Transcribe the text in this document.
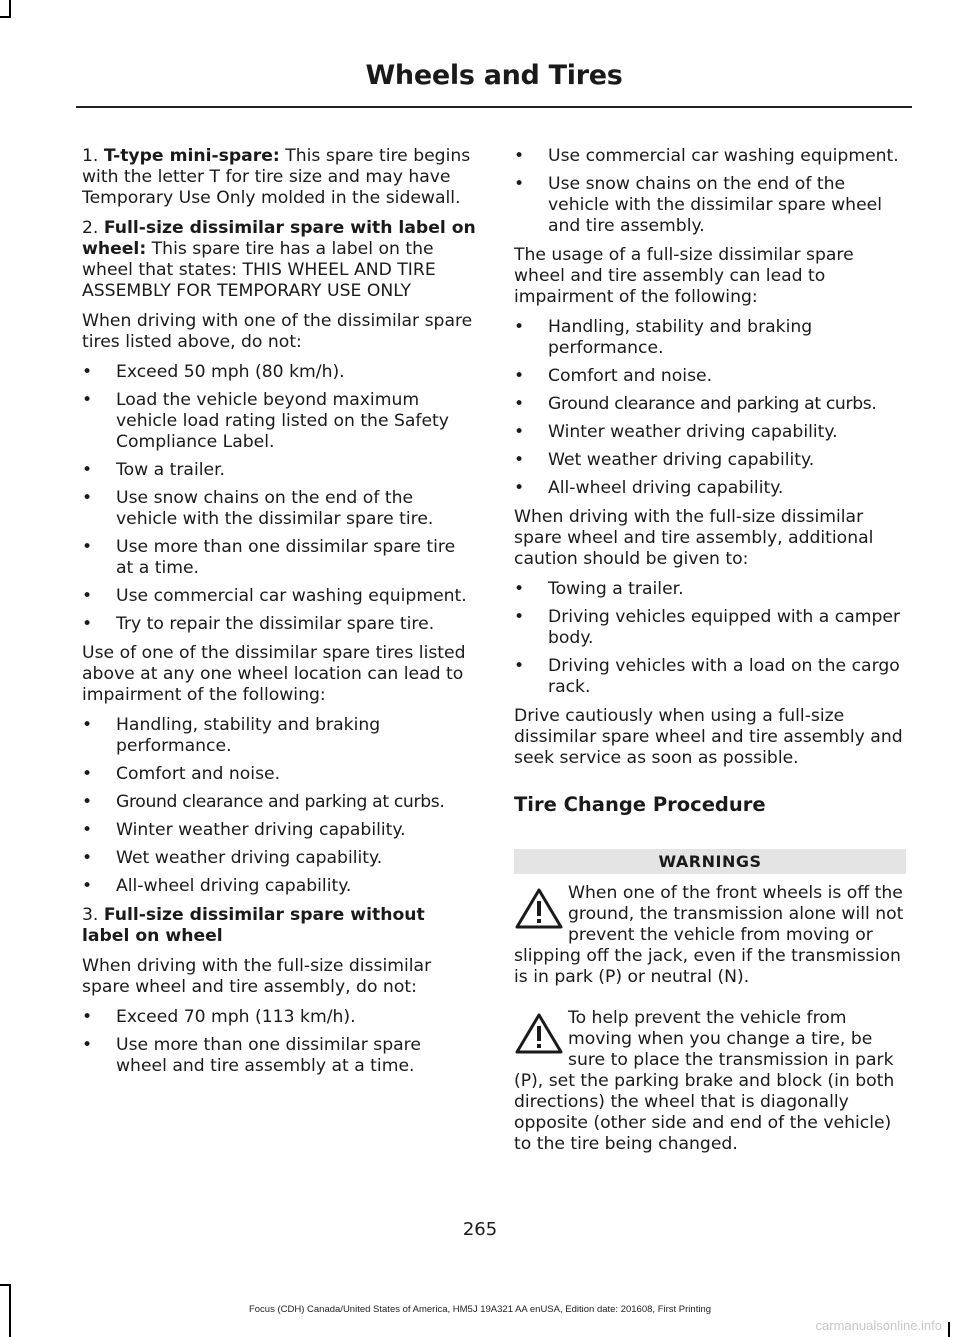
Wheels and Tires

1. T-type mini-spare: This spare tire begins with the letter T for tire size and may have Temporary Use Only molded in the sidewall.

2. Full-size dissimilar spare with label on wheel: This spare tire has a label on the wheel that states: THIS WHEEL AND TIRE ASSEMBLY FOR TEMPORARY USE ONLY

When driving with one of the dissimilar spare tires listed above, do not:

• Exceed 50 mph (80 km/h).
• Load the vehicle beyond maximum vehicle load rating listed on the Safety Compliance Label.
• Tow a trailer.
• Use snow chains on the end of the vehicle with the dissimilar spare tire.
• Use more than one dissimilar spare tire at a time.
• Use commercial car washing equipment.
• Try to repair the dissimilar spare tire.

Use of one of the dissimilar spare tires listed above at any one wheel location can lead to impairment of the following:

• Handling, stability and braking performance.
• Comfort and noise.
• Ground clearance and parking at curbs.
• Winter weather driving capability.
• Wet weather driving capability.
• All-wheel driving capability.

3. Full-size dissimilar spare without label on wheel

When driving with the full-size dissimilar spare wheel and tire assembly, do not:

• Exceed 70 mph (113 km/h).
• Use more than one dissimilar spare wheel and tire assembly at a time.
• Use commercial car washing equipment.
• Use snow chains on the end of the vehicle with the dissimilar spare wheel and tire assembly.

The usage of a full-size dissimilar spare wheel and tire assembly can lead to impairment of the following:

• Handling, stability and braking performance.
• Comfort and noise.
• Ground clearance and parking at curbs.
• Winter weather driving capability.
• Wet weather driving capability.
• All-wheel driving capability.

When driving with the full-size dissimilar spare wheel and tire assembly, additional caution should be given to:

• Towing a trailer.
• Driving vehicles equipped with a camper body.
• Driving vehicles with a load on the cargo rack.

Drive cautiously when using a full-size dissimilar spare wheel and tire assembly and seek service as soon as possible.

Tire Change Procedure
WARNINGS
When one of the front wheels is off the ground, the transmission alone will not prevent the vehicle from moving or slipping off the jack, even if the transmission is in park (P) or neutral (N).
To help prevent the vehicle from moving when you change a tire, be sure to place the transmission in park (P), set the parking brake and block (in both directions) the wheel that is diagonally opposite (other side and end of the vehicle) to the tire being changed.
265
Focus (CDH) Canada/United States of America, HM5J 19A321 AA enUSA, Edition date: 201608, First Printing
carmanualsonline.info
